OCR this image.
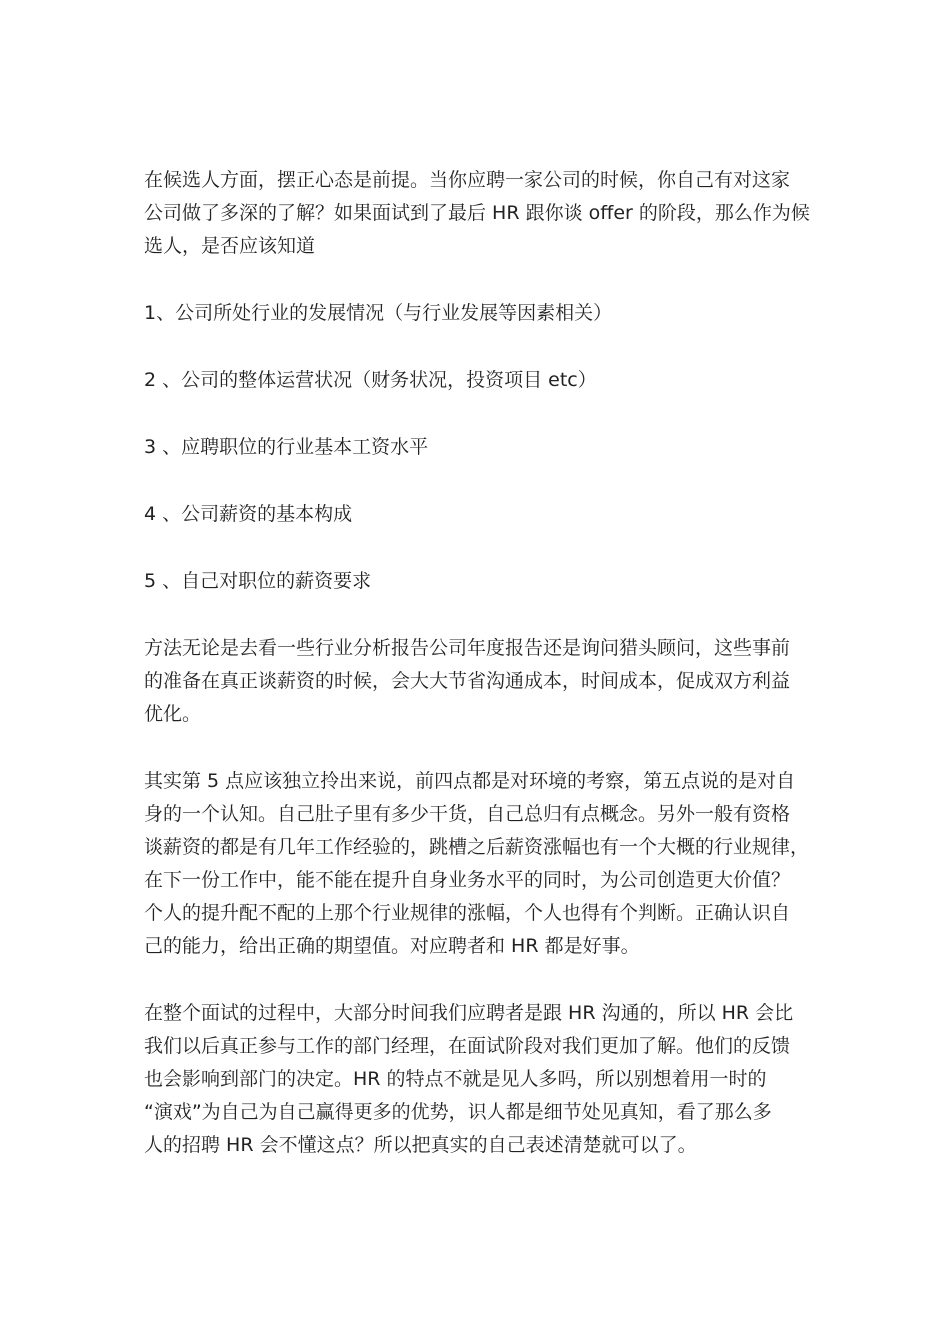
在候选人方面，摆正心态是前提。当你应聘一家公司的时候，你自己有对这家
公司做了多深的了解？如果面试到了最后 HR 跟你谈 offer 的阶段，那么作为候
选人，是否应该知道

1、公司所处行业的发展情况（与行业发展等因素相关）

2 、公司的整体运营状况（财务状况，投资项目 etc）

3 、应聘职位的行业基本工资水平

4 、公司薪资的基本构成

5 、自己对职位的薪资要求

方法无论是去看一些行业分析报告公司年度报告还是询问猎头顾问，这些事前
的准备在真正谈薪资的时候，会大大节省沟通成本，时间成本，促成双方利益
优化。

其实第 5 点应该独立拎出来说，前四点都是对环境的考察，第五点说的是对自
身的一个认知。自己肚子里有多少干货，自己总归有点概念。另外一般有资格
谈薪资的都是有几年工作经验的，跳槽之后薪资涨幅也有一个大概的行业规律，
在下一份工作中，能不能在提升自身业务水平的同时，为公司创造更大价值？
个人的提升配不配的上那个行业规律的涨幅，个人也得有个判断。正确认识自
己的能力，给出正确的期望值。对应聘者和 HR 都是好事。

在整个面试的过程中，大部分时间我们应聘者是跟 HR 沟通的，所以 HR 会比
我们以后真正参与工作的部门经理，在面试阶段对我们更加了解。他们的反馈
也会影响到部门的决定。HR 的特点不就是见人多吗，所以别想着用一时的
“演戏”为自己为自己赢得更多的优势，识人都是细节处见真知，看了那么多
人的招聘 HR 会不懂这点？所以把真实的自己表述清楚就可以了。
